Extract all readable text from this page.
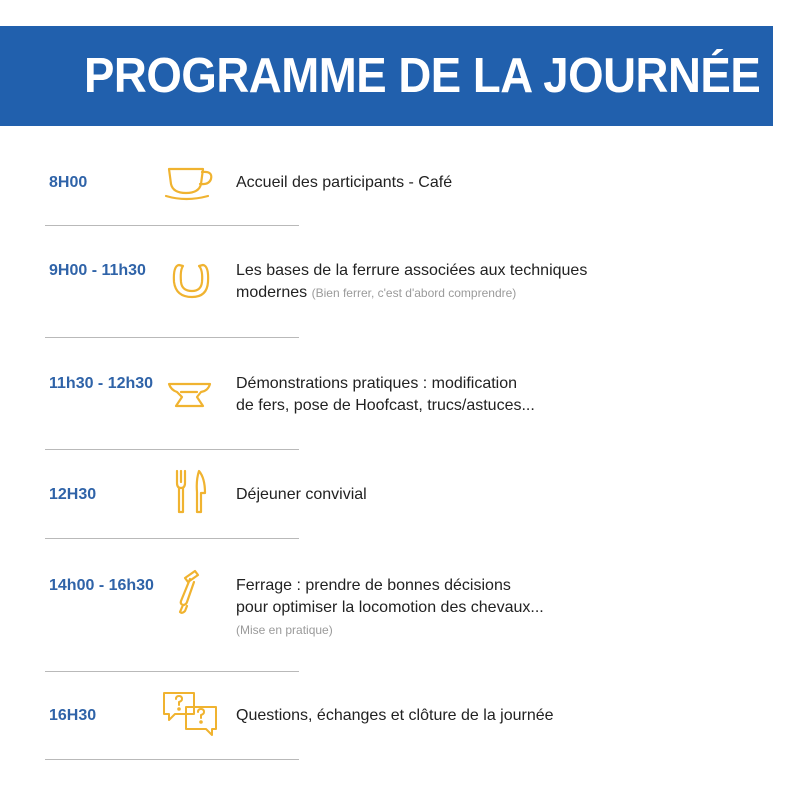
PROGRAMME DE LA JOURNÉE
8H00	Accueil des participants - Café
9H00 - 11h30	Les bases de la ferrure associées aux techniques
modernes (Bien ferrer, c'est d'abord comprendre)
11h30 - 12h30	Démonstrations pratiques : modification
de fers, pose de Hoofcast, trucs/astuces...
12H30	Déjeuner convivial
14h00 - 16h30	Ferrage : prendre de bonnes décisions
pour optimiser la locomotion des chevaux...
(Mise en pratique)
16H30	Questions, échanges et clôture de la journée
